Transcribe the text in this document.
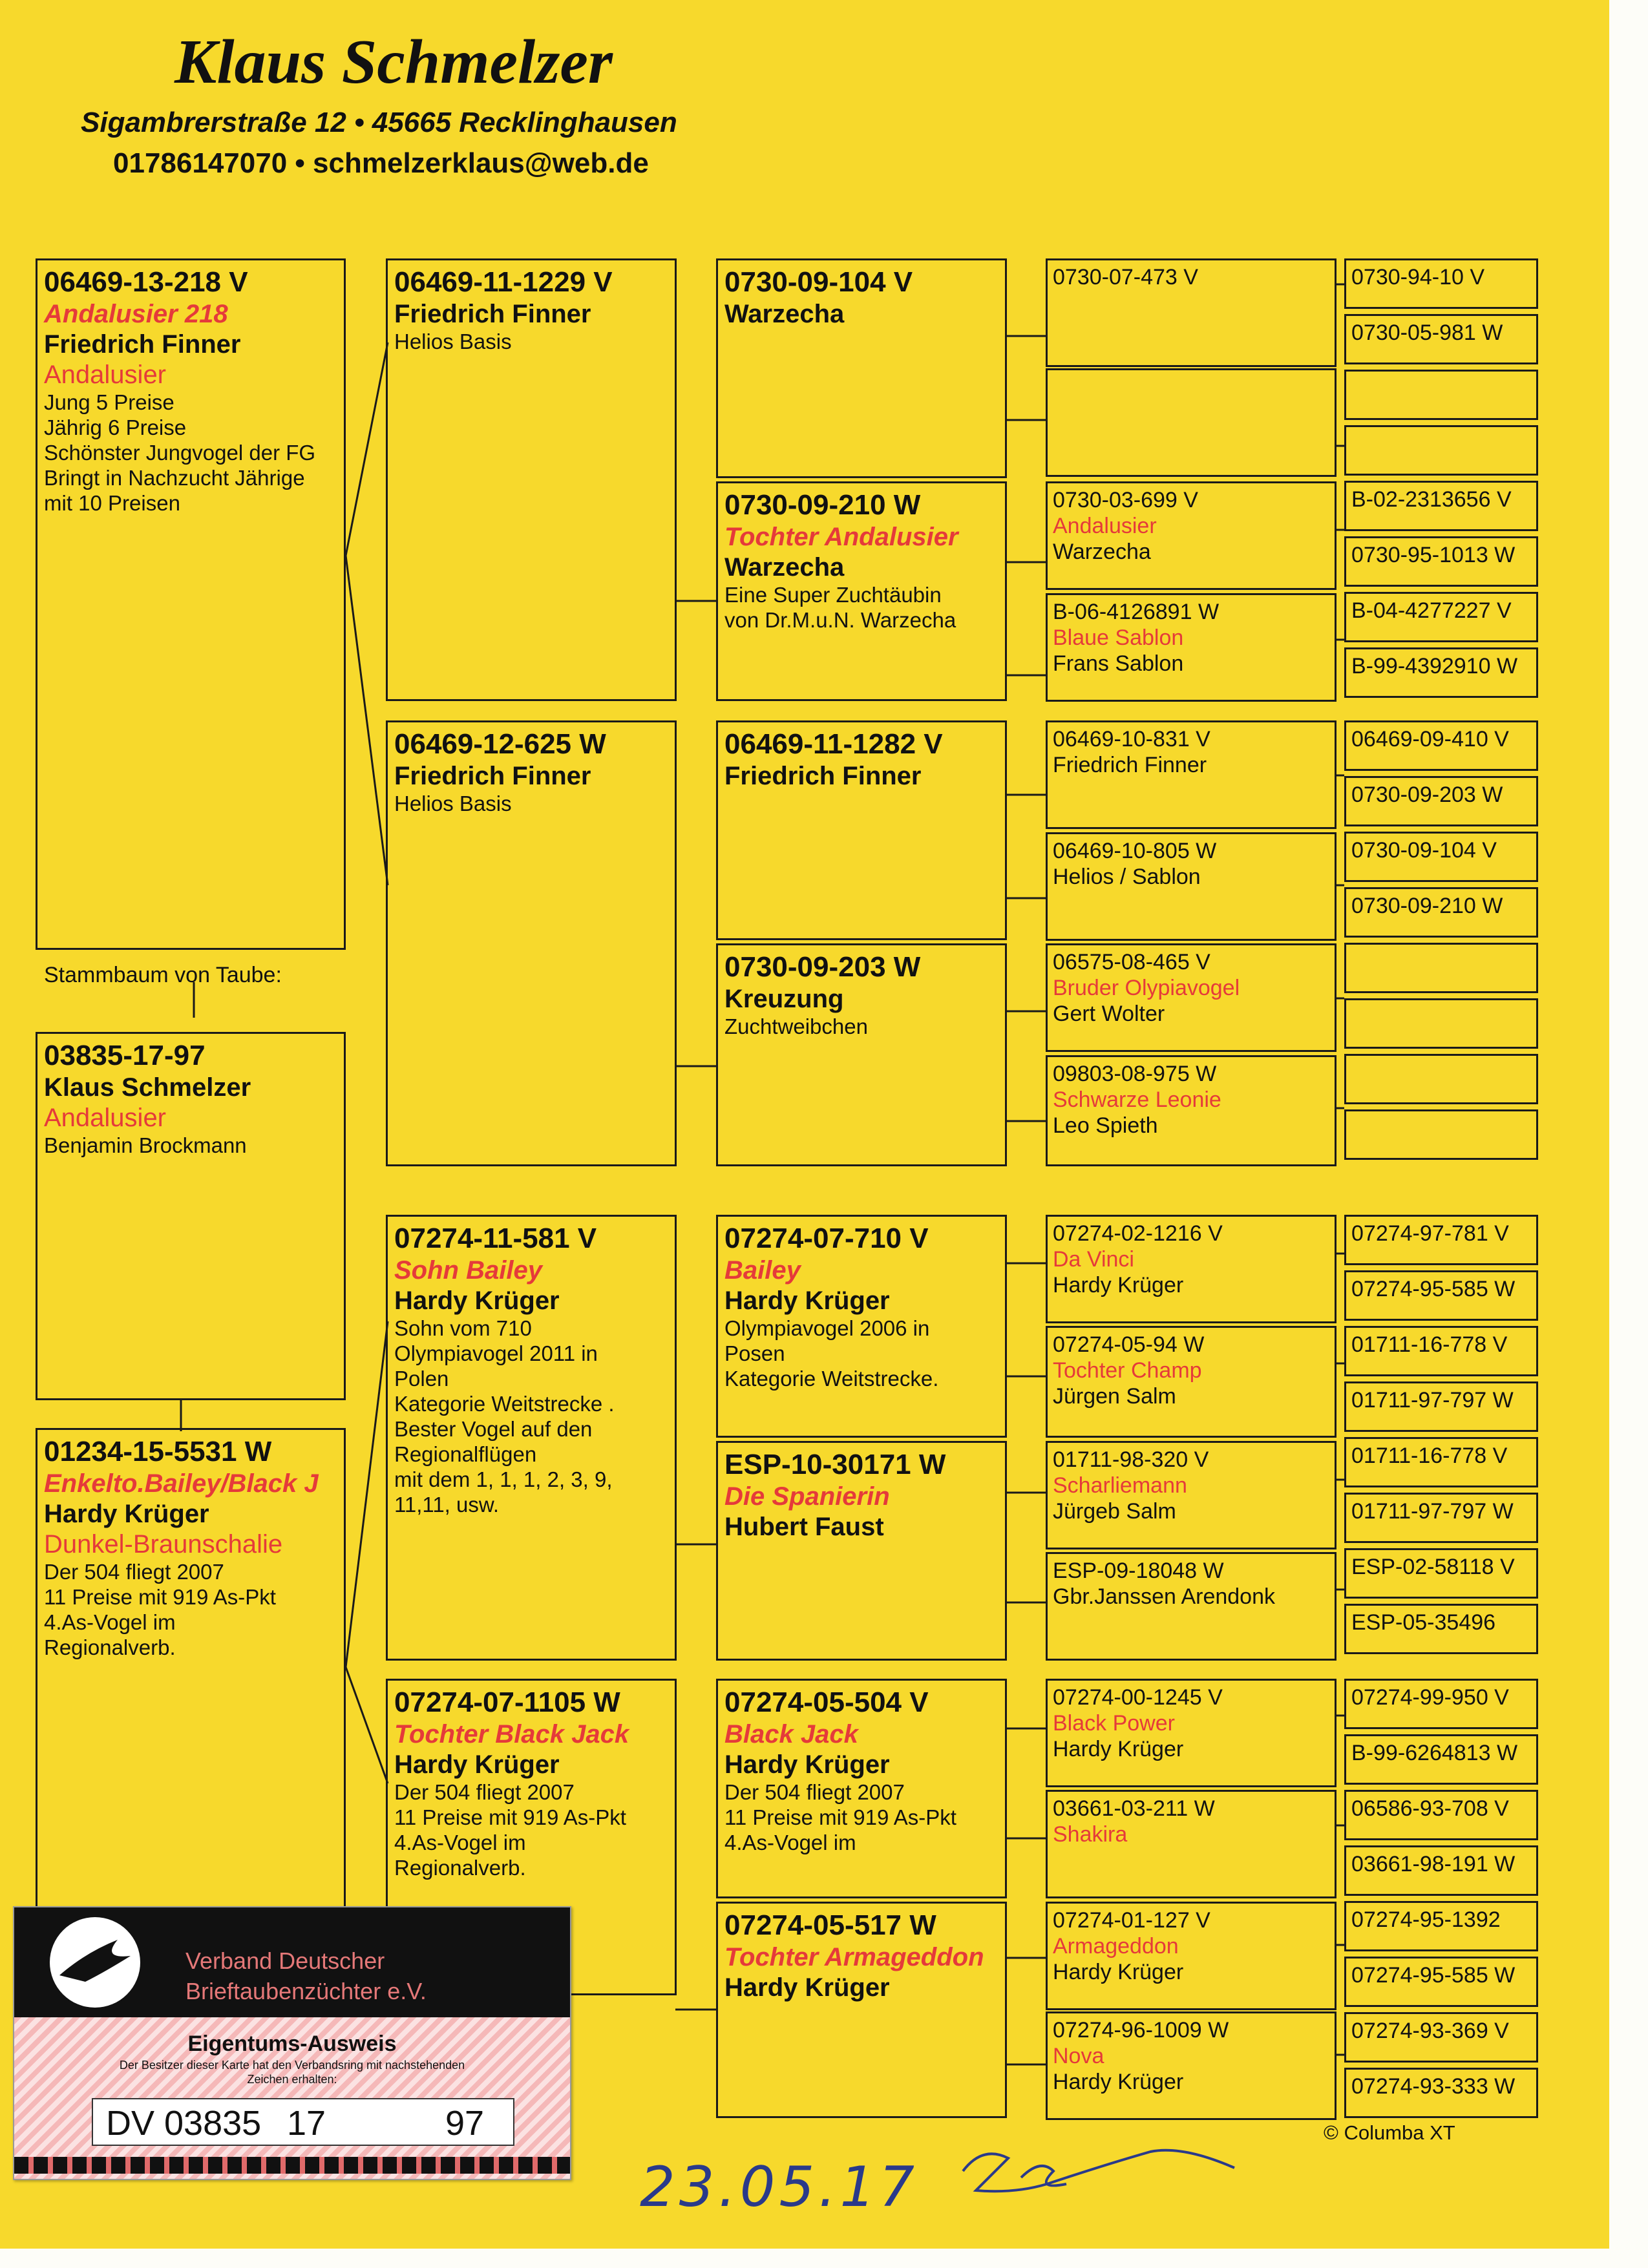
Klaus Schmelzer
Sigambrerstraße 12 • 45665 Recklinghausen
01786147070 • schmelzerklaus@web.de
06469-13-218 V
Andalusier 218
Friedrich Finner
Andalusier
Jung 5 Preise
Jährig 6 Preise
Schönster Jungvogel der FG
Bringt in Nachzucht Jährige mit 10 Preisen
Stammbaum von Taube:
03835-17-97
Klaus Schmelzer
Andalusier
Benjamin Brockmann
01234-15-5531 W
Enkelto.Bailey/Black J
Hardy Krüger
Dunkel-Braunschalie
Der 504 fliegt 2007
11 Preise mit 919 As-Pkt
4.As-Vogel im
Regionalverb.
06469-11-1229 V
Friedrich Finner
Helios Basis
06469-12-625 W
Friedrich Finner
Helios Basis
07274-11-581 V
Sohn Bailey
Hardy Krüger
Sohn vom 710
Olympiavogel 2011 in
Polen
Kategorie Weitstrecke .
Bester Vogel auf den
Regionalflügen
mit dem 1, 1, 1, 2, 3, 9,
11,11, usw.
07274-07-1105 W
Tochter Black Jack
Hardy Krüger
Der 504 fliegt 2007
11 Preise mit 919 As-Pkt
4.As-Vogel im
Regionalverb.
0730-09-104 V
Warzecha
0730-09-210 W
Tochter Andalusier
Warzecha
Eine Super Zuchtäubin
von Dr.M.u.N. Warzecha
06469-11-1282 V
Friedrich Finner
0730-09-203 W
Kreuzung
Zuchtweibchen
07274-07-710 V
Bailey
Hardy Krüger
Olympiavogel 2006 in
Posen
Kategorie Weitstrecke.
ESP-10-30171 W
Die Spanierin
Hubert Faust
07274-05-504 V
Black Jack
Hardy Krüger
Der 504 fliegt 2007
11 Preise mit 919 As-Pkt
4.As-Vogel im
07274-05-517 W
Tochter Armageddon
Hardy Krüger
0730-07-473 V
0730-03-699 V
Andalusier
Warzecha
B-06-4126891 W
Blaue Sablon
Frans Sablon
06469-10-831 V
Friedrich Finner
06469-10-805 W
Helios / Sablon
06575-08-465 V
Bruder Olypiavogel
Gert Wolter
09803-08-975 W
Schwarze Leonie
Leo Spieth
07274-02-1216 V
Da Vinci
Hardy Krüger
07274-05-94 W
Tochter Champ
Jürgen Salm
01711-98-320 V
Scharliemann
Jürgeb Salm
ESP-09-18048 W
Gbr.Janssen Arendonk
07274-00-1245 V
Black Power
Hardy Krüger
03661-03-211 W
Shakira
07274-01-127 V
Armageddon
Hardy Krüger
07274-96-1009 W
Nova
Hardy Krüger
0730-94-10 V
0730-05-981 W
B-02-2313656 V
0730-95-1013 W
B-04-4277227 V
B-99-4392910 W
06469-09-410 V
0730-09-203 W
0730-09-104 V
0730-09-210 W
07274-97-781 V
07274-95-585 W
01711-16-778 V
01711-97-797 W
01711-16-778 V
01711-97-797 W
ESP-02-58118 V
ESP-05-35496
07274-99-950 V
B-99-6264813 W
06586-93-708 V
03661-98-191 W
07274-95-1392
07274-95-585 W
07274-93-369 V
07274-93-333 W
© Columba XT
Verband Deutscher
Brieftaubenzüchter e.V.
Eigentums-Ausweis
Der Besitzer dieser Karte hat den Verbandsring mit nachstehenden Zeichen erhalten:
DV 03835 17	97
23.05.17
